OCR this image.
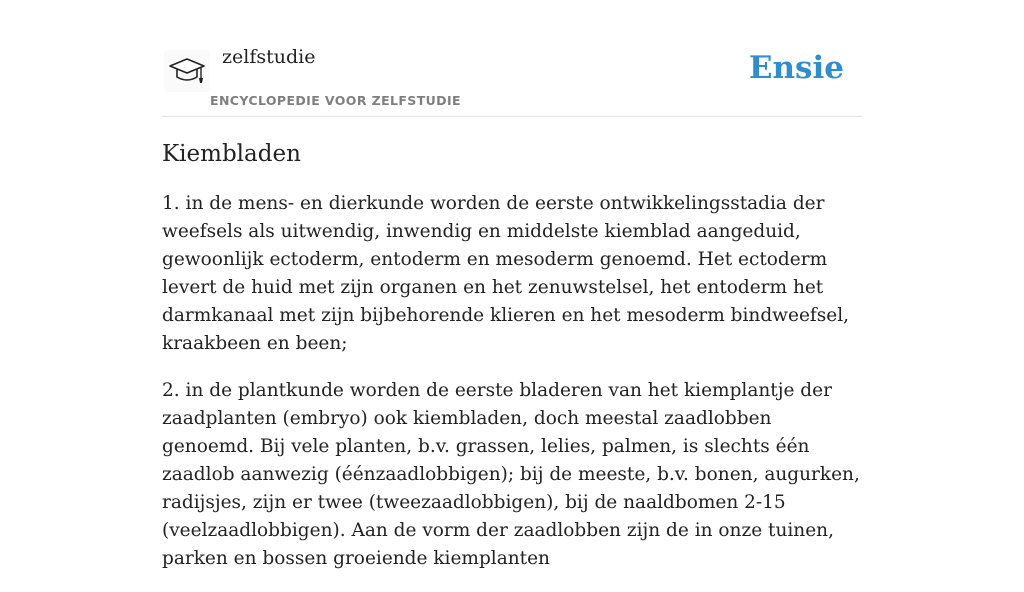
zelfstudie
ENCYCLOPEDIE VOOR ZELFSTUDIE
Ensie
Kiembladen

1. in de mens- en dierkunde worden de eerste ontwikkelingsstadia der weefsels als uitwendig, inwendig en middelste kiemblad aangeduid, gewoonlijk ectoderm, entoderm en mesoderm genoemd. Het ectoderm levert de huid met zijn organen en het zenuwstelsel, het entoderm het darmkanaal met zijn bijbehorende klieren en het mesoderm bindweefsel, kraakbeen en been;

2. in de plantkunde worden de eerste bladeren van het kiemplantje der zaadplanten (embryo) ook kiembladen, doch meestal zaadlobben genoemd. Bij vele planten, b.v. grassen, lelies, palmen, is slechts één zaadlob aanwezig (éénzaadlobbigen); bij de meeste, b.v. bonen, augurken, radijsjes, zijn er twee (tweezaadlobbigen), bij de naaldbomen 2-15 (veelzaadlobbigen). Aan de vorm der zaadlobben zijn de in onze tuinen, parken en bossen groeiende kiemplanten
